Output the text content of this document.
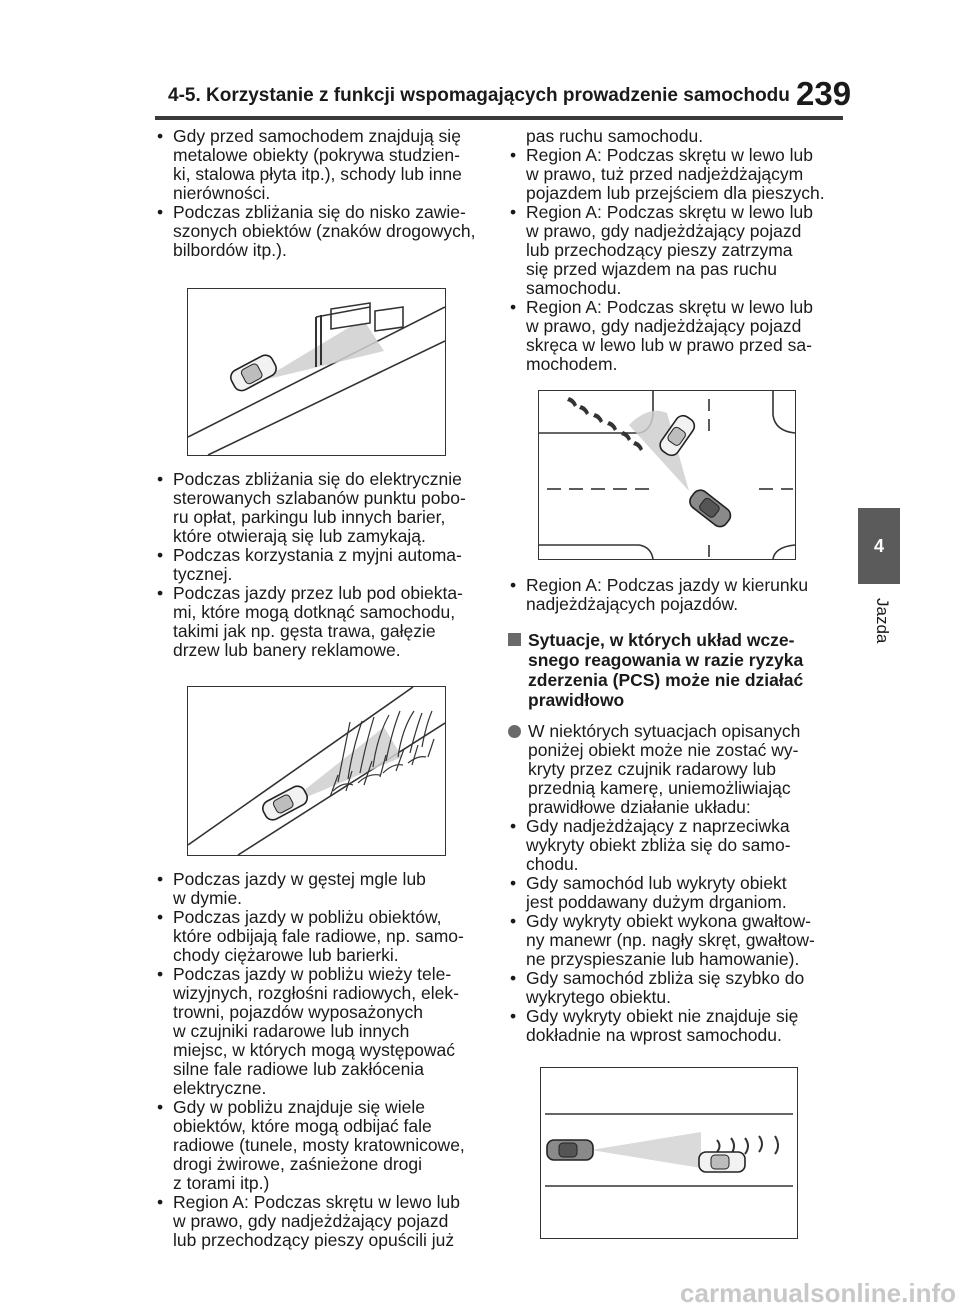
4-5. Korzystanie z funkcji wspomagających prowadzenie samochodu 239
4
Jazda
• Gdy przed samochodem znajdują się
metalowe obiekty (pokrywa studzien-
ki, stalowa płyta itp.), schody lub inne
nierówności.
• Podczas zbliżania się do nisko zawie-
szonych obiektów (znaków drogowych,
bilbordów itp.).
• Podczas zbliżania się do elektrycznie
sterowanych szlabanów punktu pobo-
ru opłat, parkingu lub innych barier,
które otwierają się lub zamykają.
• Podczas korzystania z myjni automa-
tycznej.
• Podczas jazdy przez lub pod obiekta-
mi, które mogą dotknąć samochodu,
takimi jak np. gęsta trawa, gałęzie
drzew lub banery reklamowe.
• Podczas jazdy w gęstej mgle lub
w dymie.
• Podczas jazdy w pobliżu obiektów,
które odbijają fale radiowe, np. samo-
chody ciężarowe lub barierki.
• Podczas jazdy w pobliżu wieży tele-
wizyjnych, rozgłośni radiowych, elek-
trowni, pojazdów wyposażonych
w czujniki radarowe lub innych
miejsc, w których mogą występować
silne fale radiowe lub zakłócenia
elektryczne.
• Gdy w pobliżu znajduje się wiele
obiektów, które mogą odbijać fale
radiowe (tunele, mosty kratownicowe,
drogi żwirowe, zaśnieżone drogi
z torami itp.)
• Region A: Podczas skrętu w lewo lub
w prawo, gdy nadjeżdżający pojazd
lub przechodzący pieszy opuścili już

pas ruchu samochodu.

• Region A: Podczas skrętu w lewo lub
w prawo, tuż przed nadjeżdżającym
pojazdem lub przejściem dla pieszych.
• Region A: Podczas skrętu w lewo lub
w prawo, gdy nadjeżdżający pojazd
lub przechodzący pieszy zatrzyma
się przed wjazdem na pas ruchu
samochodu.
• Region A: Podczas skrętu w lewo lub
w prawo, gdy nadjeżdżający pojazd
skręca w lewo lub w prawo przed sa-
mochodem.
• Region A: Podczas jazdy w kierunku
nadjeżdżających pojazdów.
Sytuacje, w których układ wcze-
snego reagowania w razie ryzyka
zderzenia (PCS) może nie działać
prawidłowo
W niektórych sytuacjach opisanych
poniżej obiekt może nie zostać wy-
kryty przez czujnik radarowy lub
przednią kamerę, uniemożliwiając
prawidłowe działanie układu:
• Gdy nadjeżdżający z naprzeciwka
wykryty obiekt zbliża się do samo-
chodu.
• Gdy samochód lub wykryty obiekt
jest poddawany dużym drganiom.
• Gdy wykryty obiekt wykona gwałtow-
ny manewr (np. nagły skręt, gwałtow-
ne przyspieszanie lub hamowanie).
• Gdy samochód zbliża się szybko do
wykrytego obiektu.
• Gdy wykryty obiekt nie znajduje się
dokładnie na wprost samochodu.
carmanualsonline.info
